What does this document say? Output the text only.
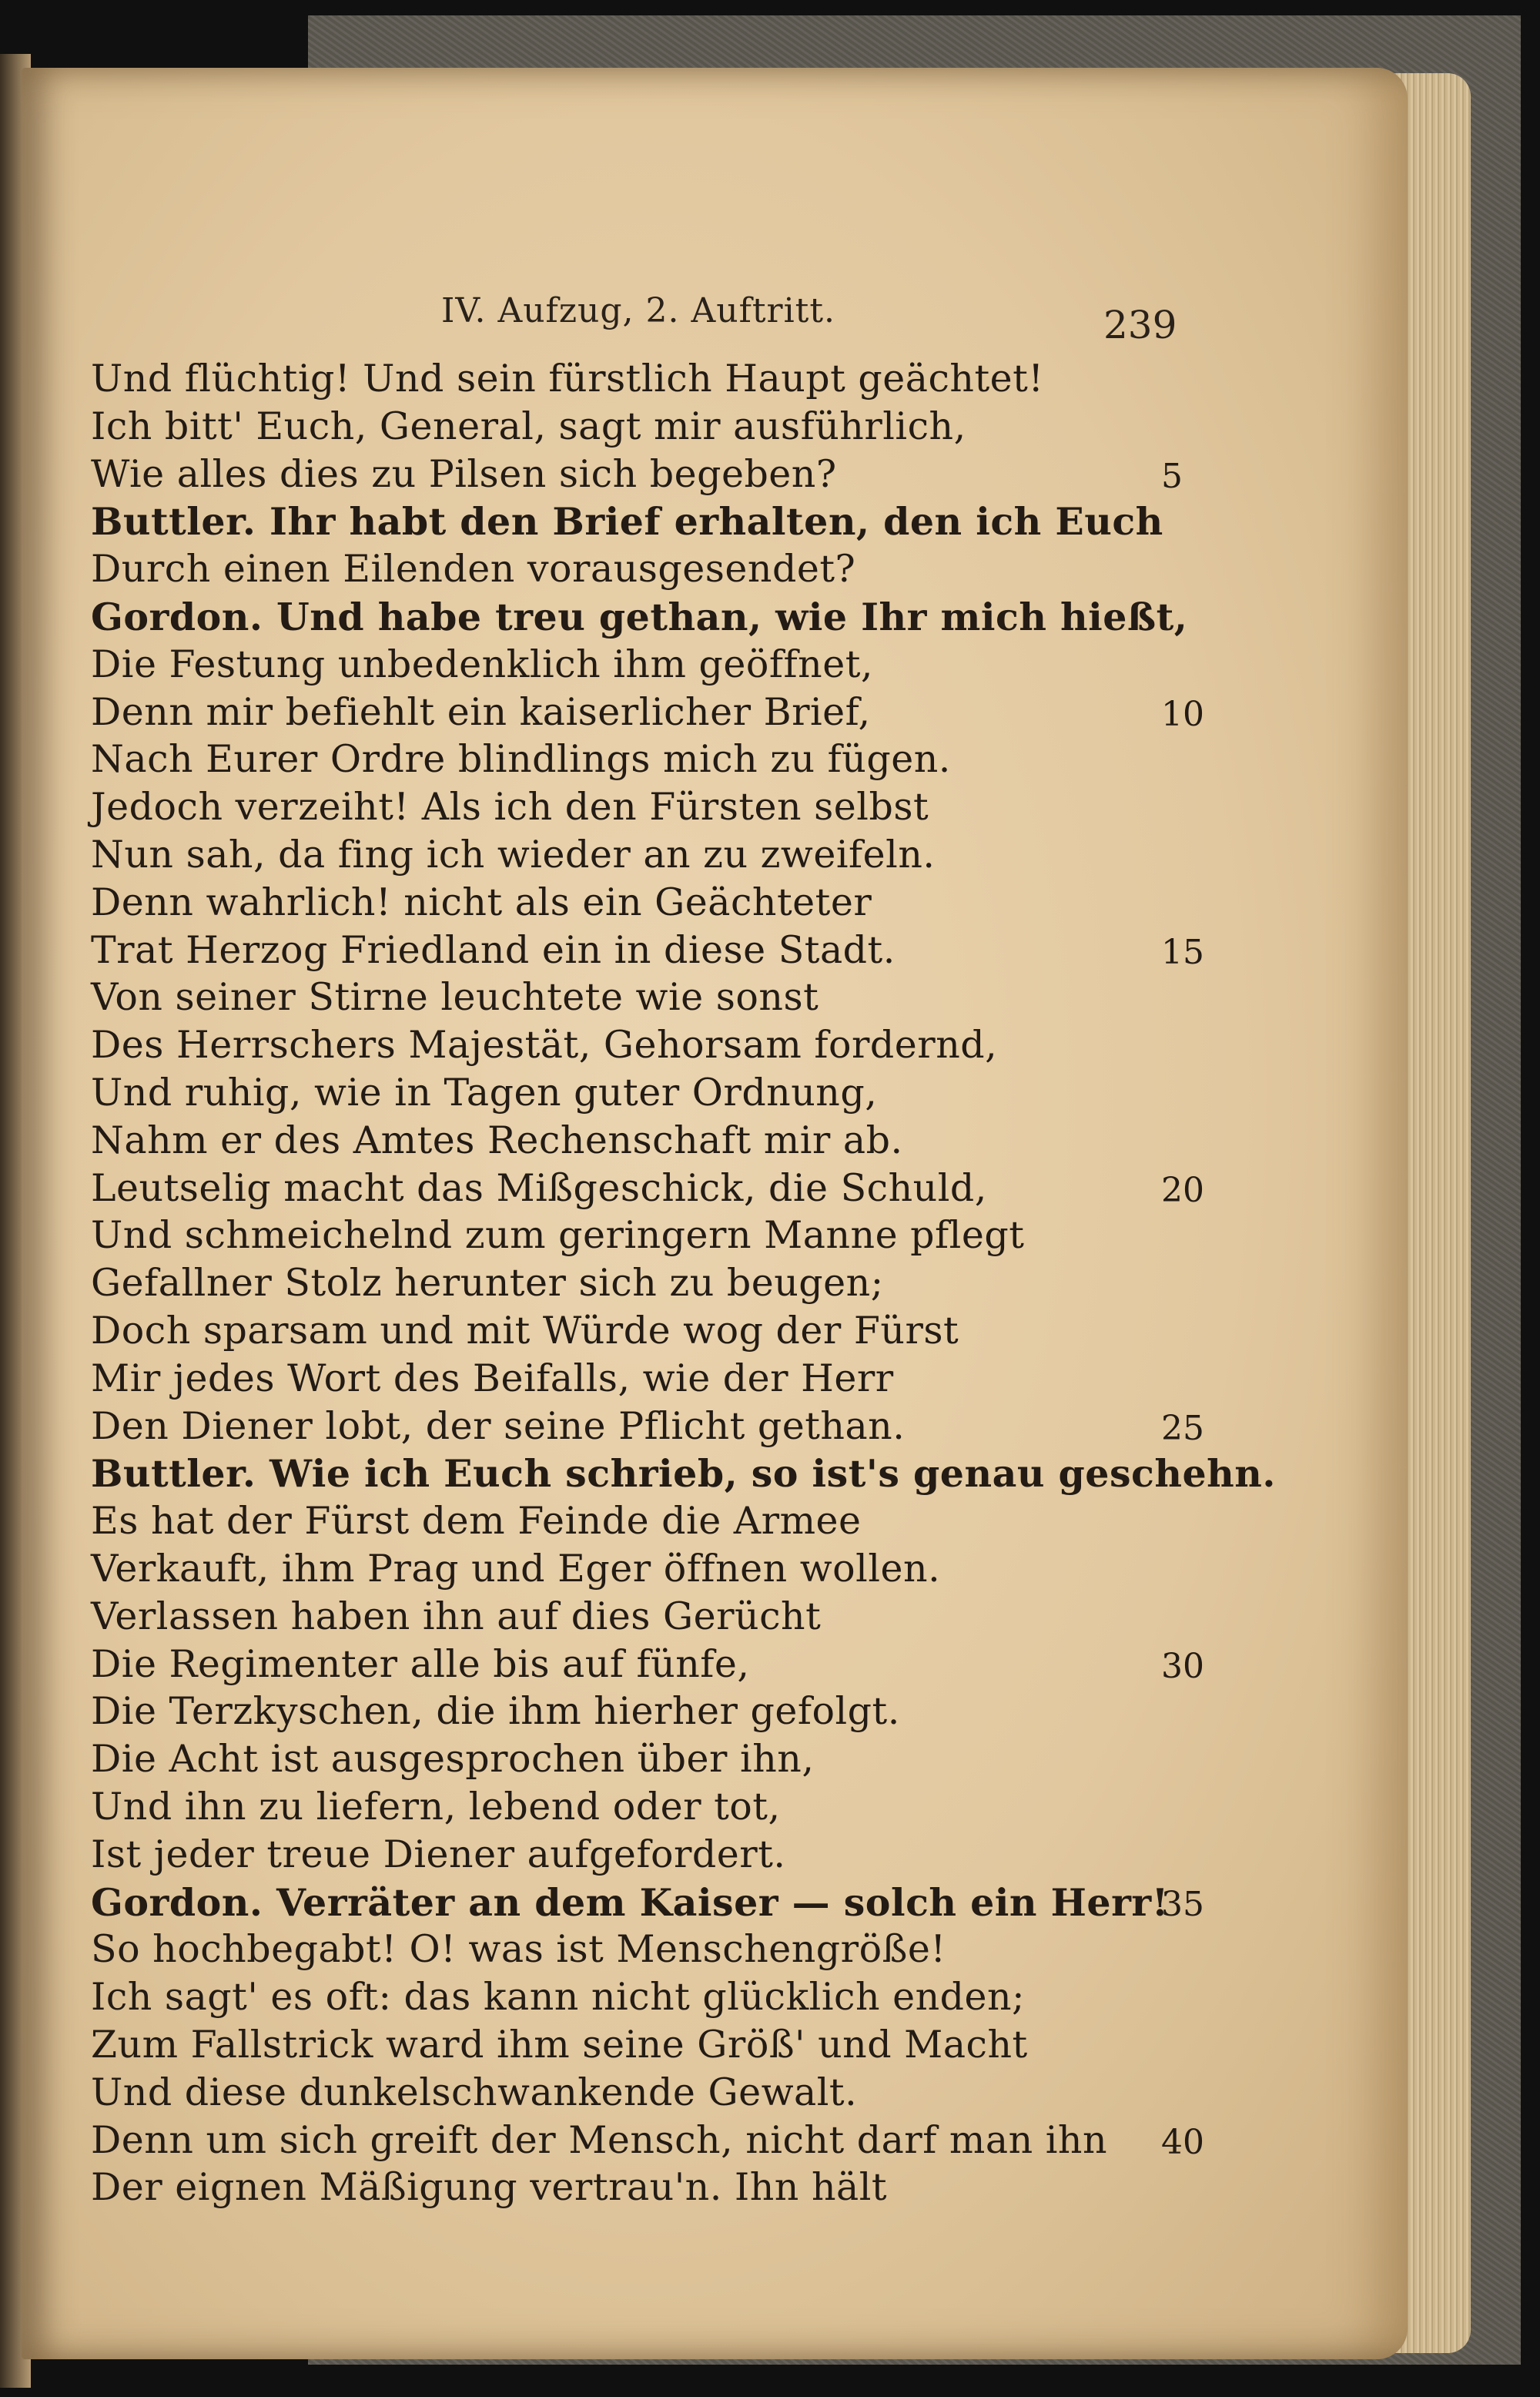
IV. Aufzug, 2. Auftritt.	239
Und flüchtig! Und sein fürstlich Haupt geächtet!
Ich bitt' Euch, General, sagt mir ausführlich,
Wie alles dies zu Pilsen sich begeben?	5
Buttler. Ihr habt den Brief erhalten, den ich Euch
Durch einen Eilenden vorausgesendet?
Gordon. Und habe treu gethan, wie Ihr mich hießt,
Die Festung unbedenklich ihm geöffnet,
Denn mir befiehlt ein kaiserlicher Brief,	10
Nach Eurer Ordre blindlings mich zu fügen.
Jedoch verzeiht! Als ich den Fürsten selbst
Nun sah, da fing ich wieder an zu zweifeln.
Denn wahrlich! nicht als ein Geächteter
Trat Herzog Friedland ein in diese Stadt.	15
Von seiner Stirne leuchtete wie sonst
Des Herrschers Majestät, Gehorsam fordernd,
Und ruhig, wie in Tagen guter Ordnung,
Nahm er des Amtes Rechenschaft mir ab.
Leutselig macht das Mißgeschick, die Schuld,	20
Und schmeichelnd zum geringern Manne pflegt
Gefallner Stolz herunter sich zu beugen;
Doch sparsam und mit Würde wog der Fürst
Mir jedes Wort des Beifalls, wie der Herr
Den Diener lobt, der seine Pflicht gethan.	25
Buttler. Wie ich Euch schrieb, so ist's genau geschehn.
Es hat der Fürst dem Feinde die Armee
Verkauft, ihm Prag und Eger öffnen wollen.
Verlassen haben ihn auf dies Gerücht
Die Regimenter alle bis auf fünfe,	30
Die Terzkyschen, die ihm hierher gefolgt.
Die Acht ist ausgesprochen über ihn,
Und ihn zu liefern, lebend oder tot,
Ist jeder treue Diener aufgefordert.
Gordon. Verräter an dem Kaiser — solch ein Herr!
35
So hochbegabt! O! was ist Menschengröße!
Ich sagt' es oft: das kann nicht glücklich enden;
Zum Fallstrick ward ihm seine Größ' und Macht
Und diese dunkelschwankende Gewalt.
Denn um sich greift der Mensch, nicht darf man ihn 40
Der eignen Mäßigung vertrau'n. Ihn hält
